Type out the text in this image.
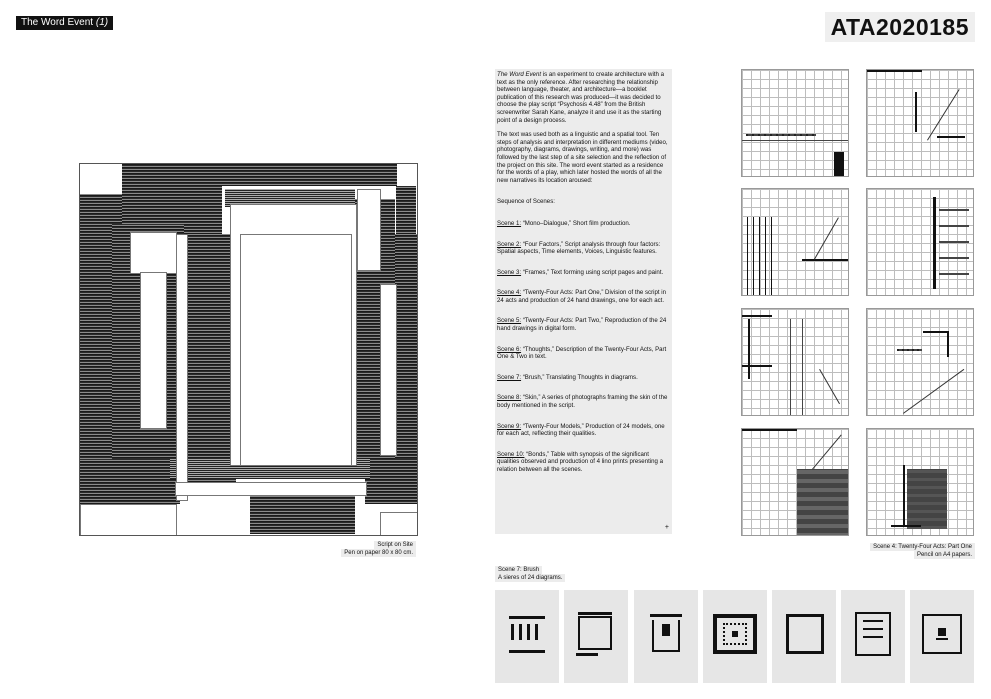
The Word Event (1)	ATA2020185
Script on Site
Pen on paper 80 x 80 cm.

The Word Event is an experiment to create architecture with a text as the only reference. After researching the relationship between language, theater, and architecture—a booklet publication of this research was produced—it was decided to choose the play script “Psychosis 4.48” from the British screenwriter Sarah Kane, analyze it and use it as the starting point of a design process.

The text was used both as a linguistic and a spatial tool. Ten steps of analysis and interpretation in different mediums (video, photography, diagrams, drawings, writing, and more) was followed by the last step of a site selection and the reflection of the project on this site. The word event started as a residence for the words of a play, which later hosted the words of all the new narratives its location aroused:

Sequence of Scenes:

Scene 1: “Mono–Dialogue,” Short film production.

Scene 2: “Four Factors,” Script analysis through four factors: Spatial aspects, Time elements, Voices, Linguistic features.

Scene 3: “Frames,” Text forming using script pages and paint.

Scene 4: “Twenty-Four Acts: Part One,” Division of the script in 24 acts and production of 24 hand drawings, one for each act.

Scene 5: “Twenty-Four Acts: Part Two,” Reproduction of the 24 hand drawings in digital form.

Scene 6: “Thoughts,” Description of the Twenty-Four Acts, Part One & Two in text.

Scene 7: “Brush,” Translating Thoughts in diagrams.

Scene 8: “Skin,” A series of photographs framing the skin of the body mentioned in the script.

Scene 9: “Twenty-Four Models,” Production of 24 models, one for each act, reflecting their qualities.

Scene 10: “Bonds,” Table with synopsis of the significant qualities observed and production of 4 lino prints presenting a relation between all the scenes.

+
Scene 4: Twenty-Four Acts: Part One
Pencil on A4 papers.
Scene 7: Brush
A sieres of 24 diagrams.
